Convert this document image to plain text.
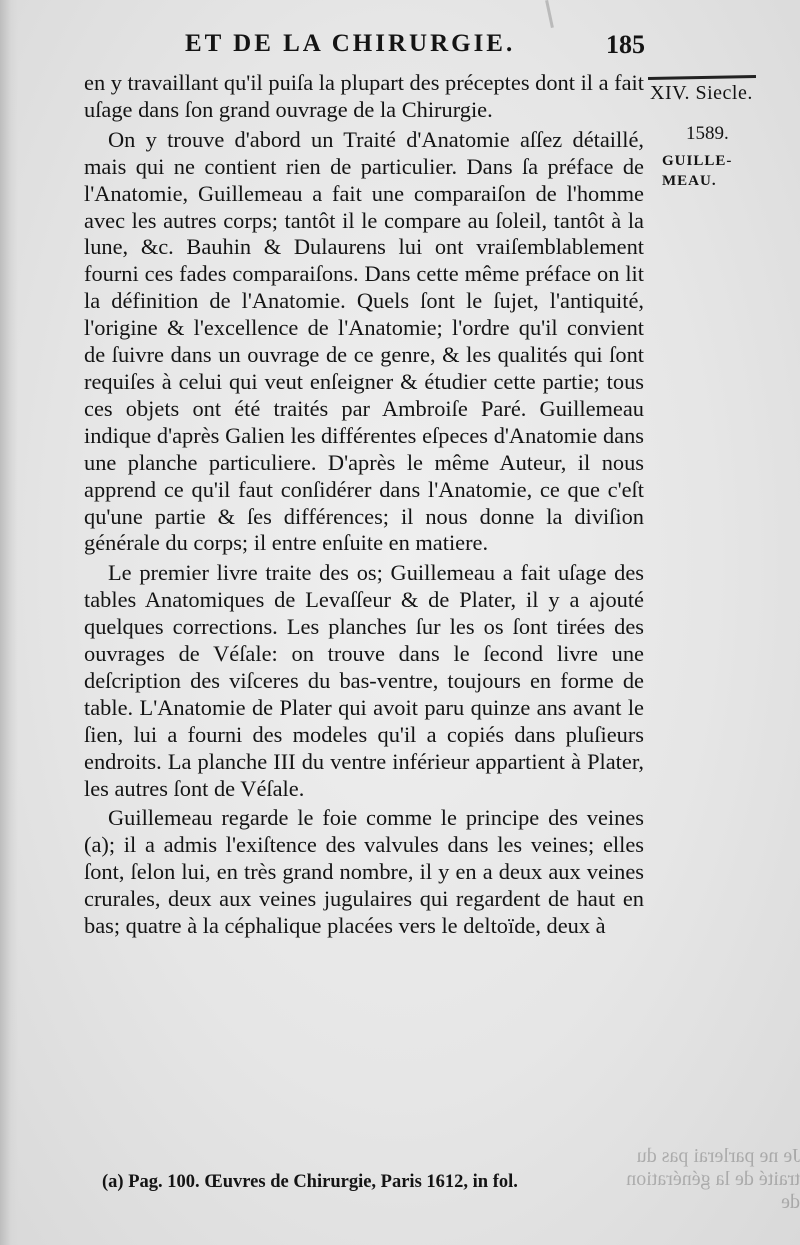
ET DE LA CHIRURGIE.	185

en y travaillant qu'il puiſa la plupart des préceptes dont il a fait uſage dans ſon grand ouvrage de la Chirurgie.

On y trouve d'abord un Traité d'Anatomie aſſez détaillé, mais qui ne contient rien de particulier. Dans ſa préface de l'Anatomie, Guillemeau a fait une comparaiſon de l'homme avec les autres corps; tantôt il le compare au ſoleil, tantôt à la lune, &c. Bauhin & Dulaurens lui ont vraiſemblablement fourni ces fades comparaiſons. Dans cette même préface on lit la définition de l'Anatomie. Quels ſont le ſujet, l'antiquité, l'origine & l'excellence de l'Anatomie; l'ordre qu'il convient de ſuivre dans un ouvrage de ce genre, & les qualités qui ſont requiſes à celui qui veut enſeigner & étudier cette partie; tous ces objets ont été traités par Ambroiſe Paré. Guillemeau indique d'après Galien les différentes eſpeces d'Anatomie dans une planche particuliere. D'après le même Auteur, il nous apprend ce qu'il faut conſidérer dans l'Anatomie, ce que c'eſt qu'une partie & ſes différences; il nous donne la diviſion générale du corps; il entre enſuite en matiere.

Le premier livre traite des os; Guillemeau a fait uſage des tables Anatomiques de Levaſſeur & de Plater, il y a ajouté quelques corrections. Les planches ſur les os ſont tirées des ouvrages de Véſale: on trouve dans le ſecond livre une deſcription des viſceres du bas-ventre, toujours en forme de table. L'Anatomie de Plater qui avoit paru quinze ans avant le ſien, lui a fourni des modeles qu'il a copiés dans pluſieurs endroits. La planche III du ventre inférieur appartient à Plater, les autres ſont de Véſale.

Guillemeau regarde le foie comme le principe des veines (a); il a admis l'exiſtence des valvules dans les veines; elles ſont, ſelon lui, en très grand nombre, il y en a deux aux veines crurales, deux aux veines jugulaires qui regardent de haut en bas; quatre à la céphalique placées vers le deltoïde, deux à

XIV. Siecle.
1589.
GUILLE-MEAU.
(a) Pag. 100. Œuvres de Chirurgie, Paris 1612, in fol.
Je ne parlerai pas du traité de la génération de
